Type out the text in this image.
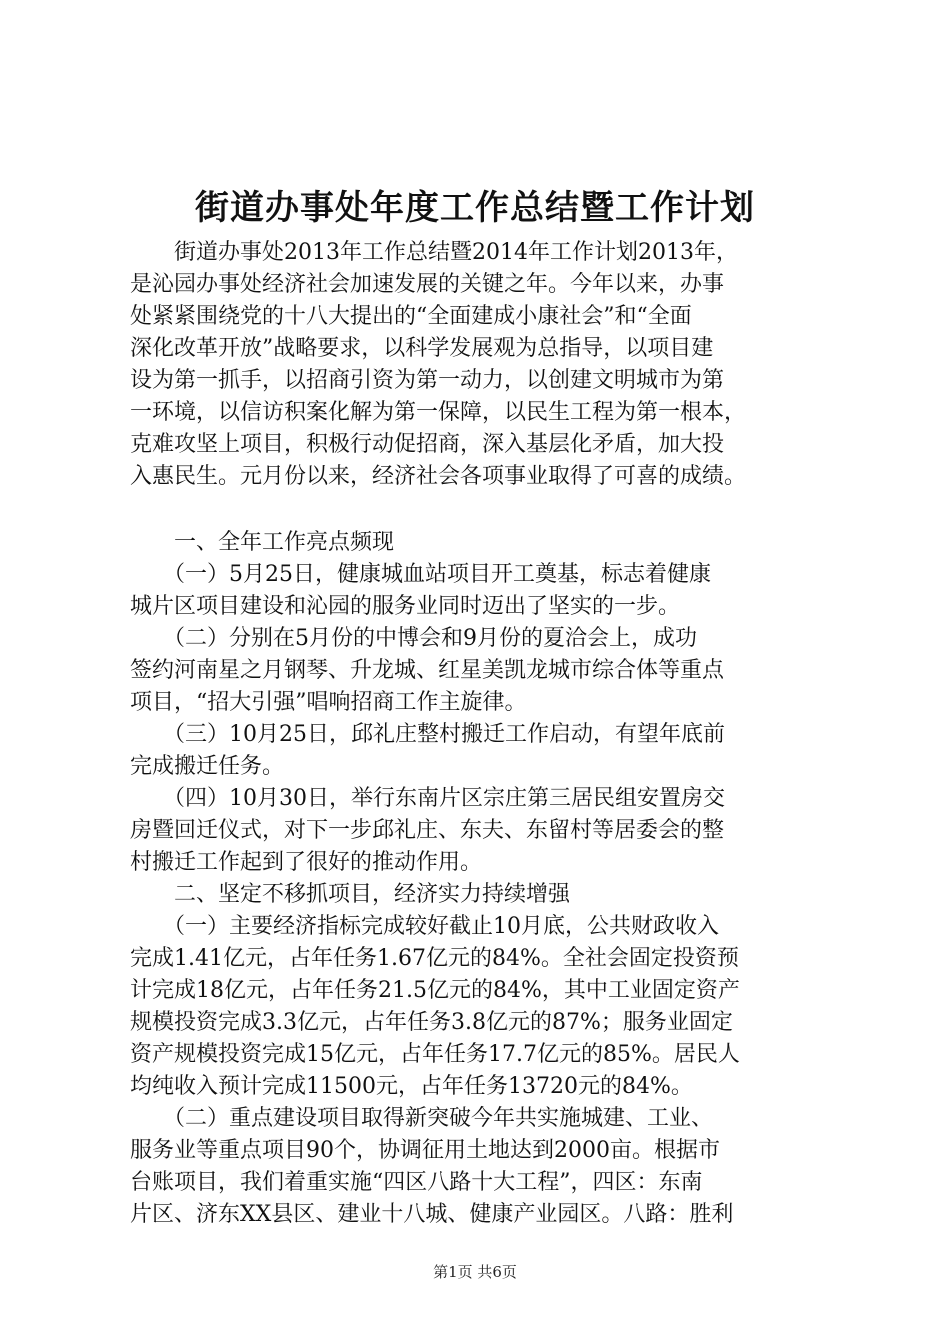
街道办事处年度工作总结暨工作计划
　　街道办事处2013年工作总结暨2014年工作计划2013年，
是沁园办事处经济社会加速发展的关键之年。今年以来，办事
处紧紧围绕党的十八大提出的“全面建成小康社会”和“全面
深化改革开放”战略要求，以科学发展观为总指导，以项目建
设为第一抓手，以招商引资为第一动力，以创建文明城市为第
一环境，以信访积案化解为第一保障，以民生工程为第一根本，
克难攻坚上项目，积极行动促招商，深入基层化矛盾，加大投
入惠民生。元月份以来，经济社会各项事业取得了可喜的成绩。
　　一、全年工作亮点频现
　　（一）5月25日，健康城血站项目开工奠基，标志着健康
城片区项目建设和沁园的服务业同时迈出了坚实的一步。
　　（二）分别在5月份的中博会和9月份的夏洽会上，成功
签约河南星之月钢琴、升龙城、红星美凯龙城市综合体等重点
项目，“招大引强”唱响招商工作主旋律。
　　（三）10月25日，邱礼庄整村搬迁工作启动，有望年底前
完成搬迁任务。
　　（四）10月30日，举行东南片区宗庄第三居民组安置房交
房暨回迁仪式，对下一步邱礼庄、东夫、东留村等居委会的整
村搬迁工作起到了很好的推动作用。
　　二、坚定不移抓项目，经济实力持续增强
　　（一）主要经济指标完成较好截止10月底，公共财政收入
完成1.41亿元，占年任务1.67亿元的84%。全社会固定投资预
计完成18亿元，占年任务21.5亿元的84%，其中工业固定资产
规模投资完成3.3亿元，占年任务3.8亿元的87%；服务业固定
资产规模投资完成15亿元，占年任务17.7亿元的85%。居民人
均纯收入预计完成11500元，占年任务13720元的84%。
　　（二）重点建设项目取得新突破今年共实施城建、工业、
服务业等重点项目90个，协调征用土地达到2000亩。根据市
台账项目，我们着重实施“四区八路十大工程”，四区：东南
片区、济东XX县区、建业十八城、健康产业园区。八路：胜利
第1页 共6页
